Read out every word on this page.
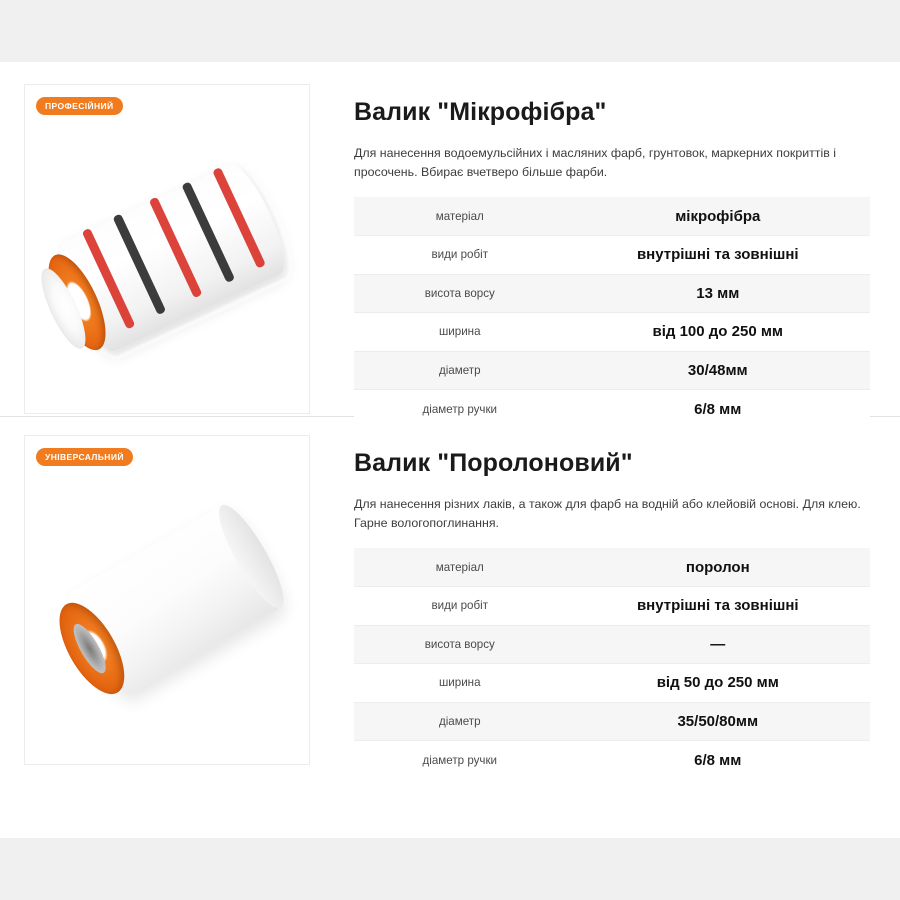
ПРОФЕСІЙНИЙ	Валик "Мікрофібра"

Для нанесення водоемульсійних і масляних фарб, грунтовок, маркерних покриттів і просочень. Вбирає вчетверо більше фарби.

матеріал	мікрофібра
види робіт	внутрішні та зовнішні
висота ворсу	13 мм
ширина	від 100 до 250 мм
діаметр	30/48мм
діаметр ручки	6/8 мм
УНІВЕРСАЛЬНИЙ	Валик "Поролоновий"

Для нанесення різних лаків, а також для фарб на водній або клейовій основі. Для клею. Гарне вологопоглинання.

матеріал	поролон
види робіт	внутрішні та зовнішні
висота ворсу	—
ширина	від 50 до 250 мм
діаметр	35/50/80мм
діаметр ручки	6/8 мм
